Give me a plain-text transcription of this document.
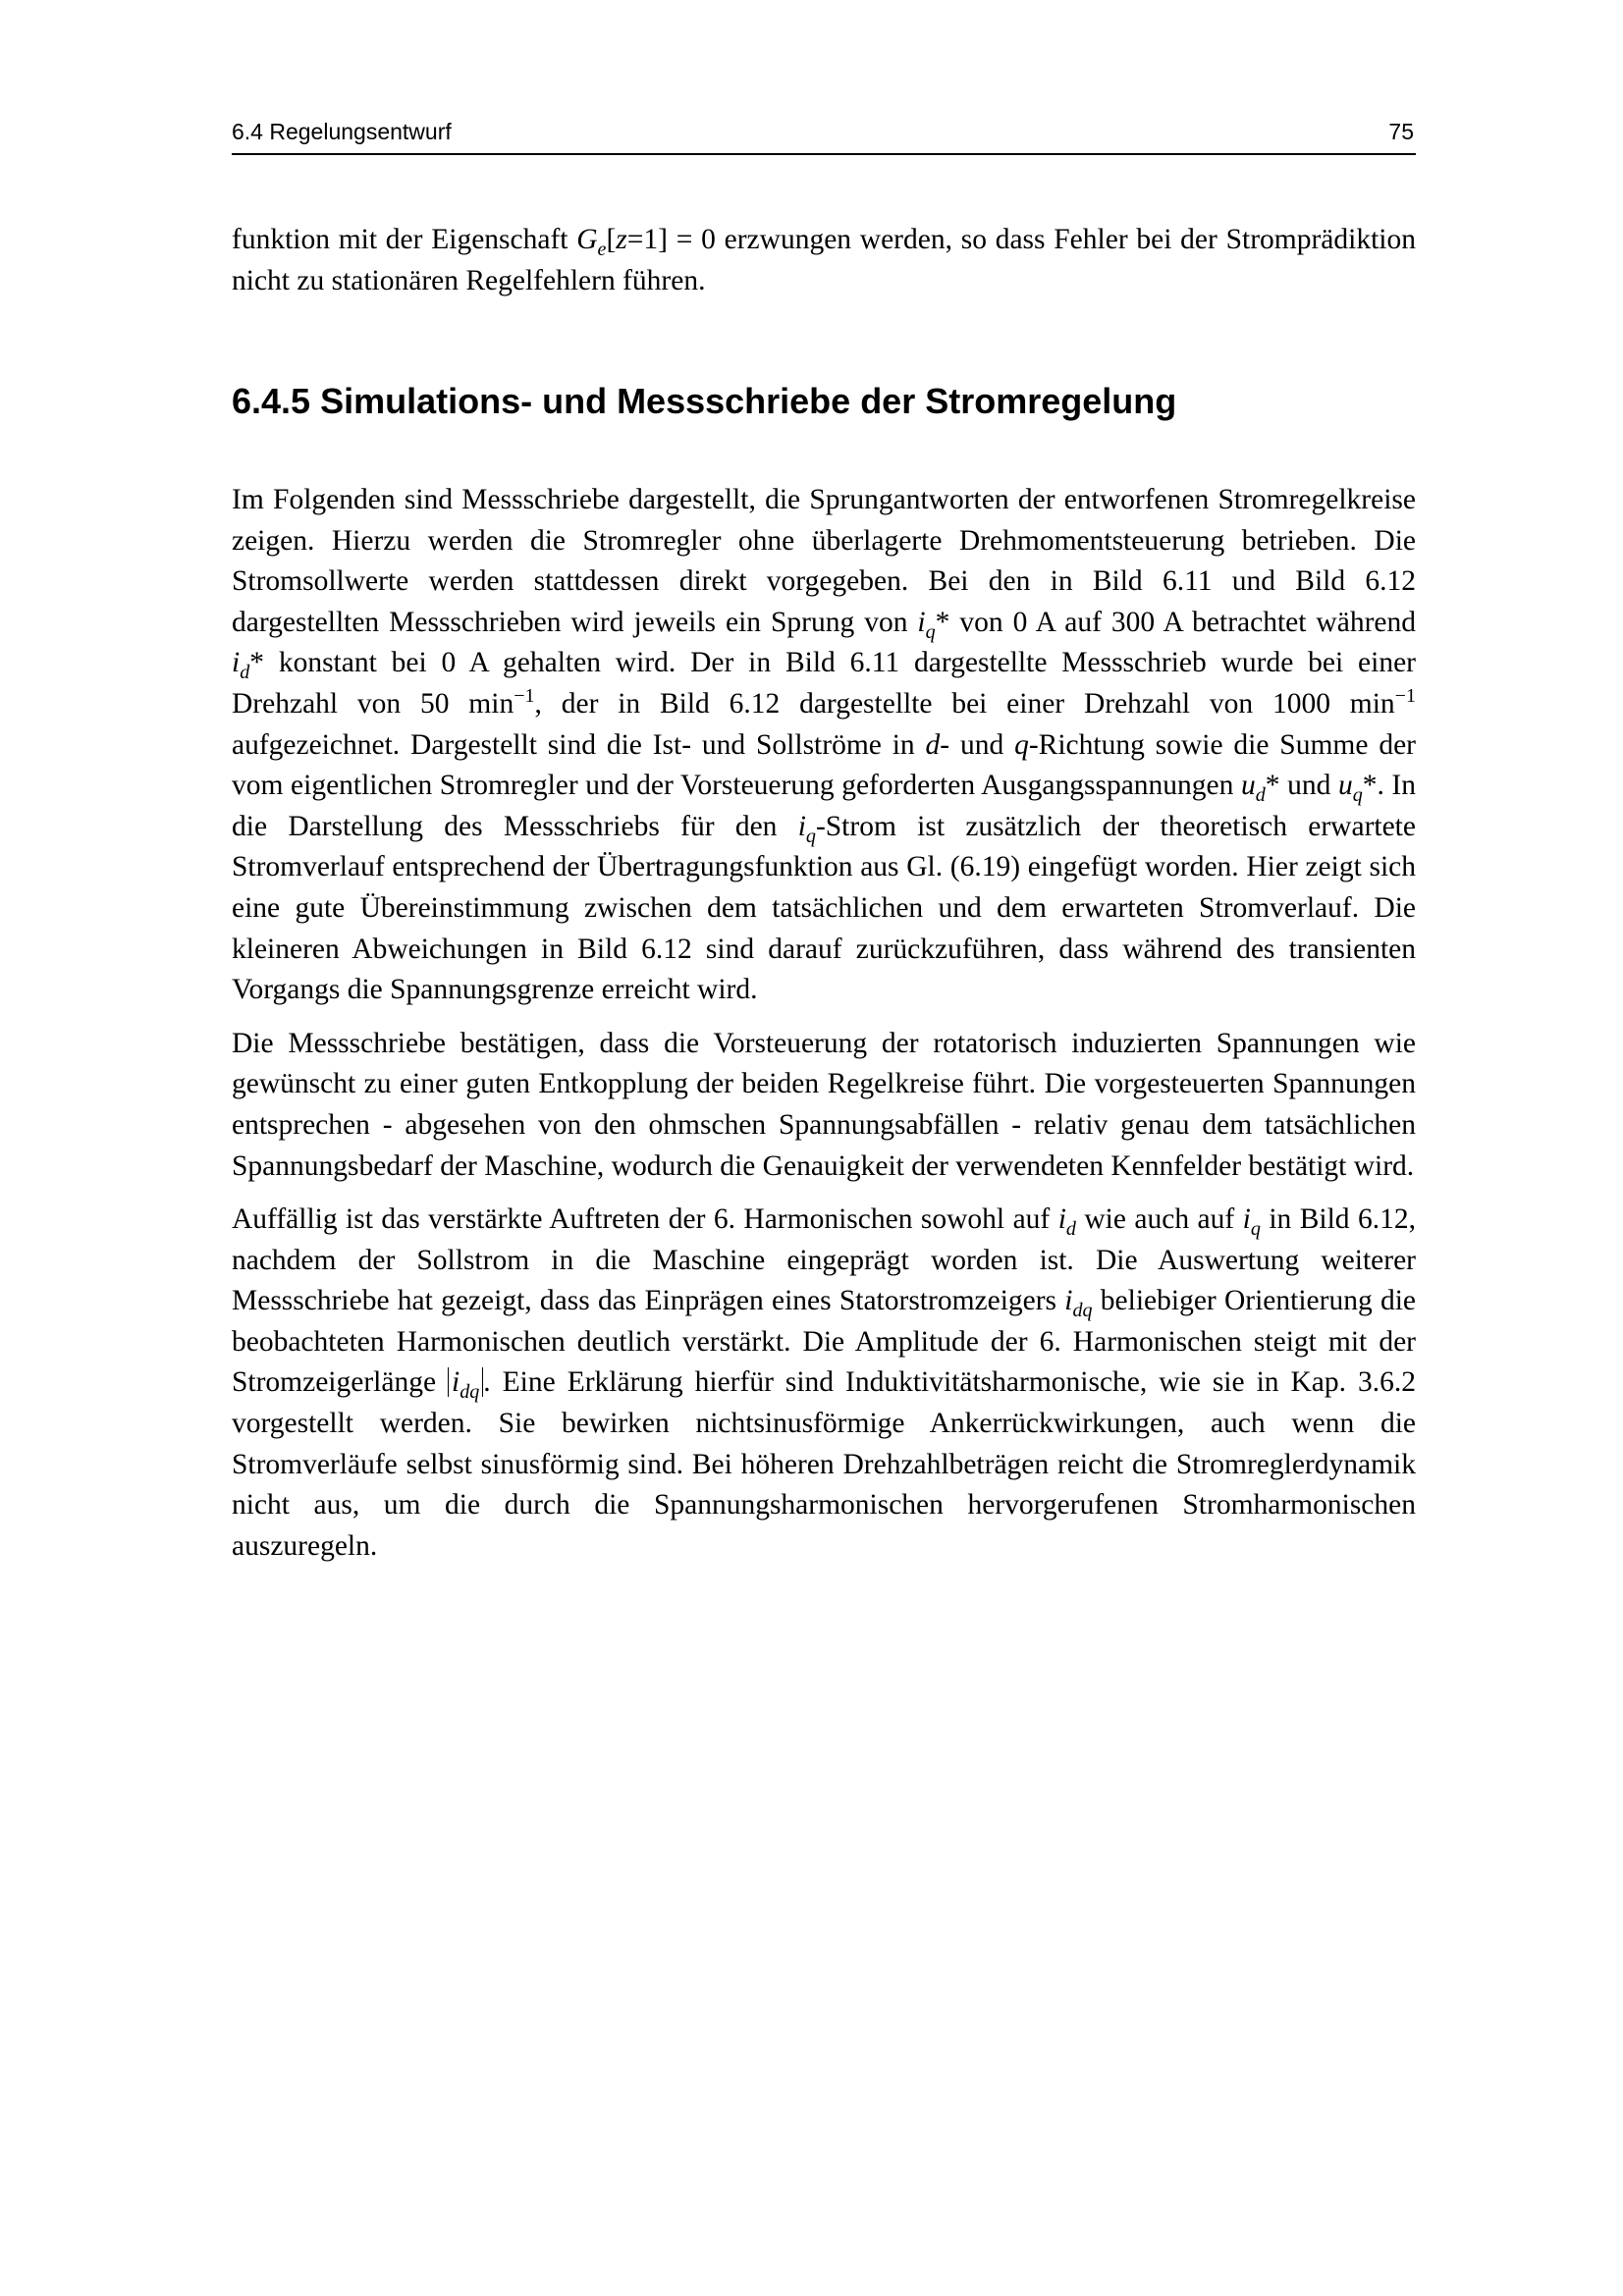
6.4 Regelungsentwurf	75

funktion mit der Eigenschaft $G_e[z=1] = 0$ erzwungen werden, so dass Fehler bei der Stromprädiktion nicht zu stationären Regelfehlern führen.

6.4.5 Simulations- und Messschriebe der Stromregelung

Im Folgenden sind Messschriebe dargestellt, die Sprungantworten der entworfenen Stromregelkreise zeigen. Hierzu werden die Stromregler ohne überlagerte Drehmomentsteuerung betrieben. Die Stromsollwerte werden stattdessen direkt vorgegeben. Bei den in Bild 6.11 und Bild 6.12 dargestellten Messschrieben wird jeweils ein Sprung von $i_q*$ von 0 A auf 300 A betrachtet während $i_d*$ konstant bei 0 A gehalten wird. Der in Bild 6.11 dargestellte Messschrieb wurde bei einer Drehzahl von 50 $\min^{-1}$, der in Bild 6.12 dargestellte bei einer Drehzahl von 1000 $\min^{-1}$ aufgezeichnet. Dargestellt sind die Ist- und Sollströme in d- und q-Richtung sowie die Summe der vom eigentlichen Stromregler und der Vorsteuerung geforderten Ausgangsspannungen $u_d*$ und $u_q*$. In die Darstellung des Messschriebs für den $i_q$-Strom ist zusätzlich der theoretisch erwartete Stromverlauf entsprechend der Übertragungsfunktion aus Gl. (6.19) eingefügt worden. Hier zeigt sich eine gute Übereinstimmung zwischen dem tatsächlichen und dem erwarteten Stromverlauf. Die kleineren Abweichungen in Bild 6.12 sind darauf zurückzuführen, dass während des transienten Vorgangs die Spannungsgrenze erreicht wird.

Die Messschriebe bestätigen, dass die Vorsteuerung der rotatorisch induzierten Spannungen wie gewünscht zu einer guten Entkopplung der beiden Regelkreise führt. Die vorgesteuerten Spannungen entsprechen - abgesehen von den ohmschen Spannungsabfällen - relativ genau dem tatsächlichen Spannungsbedarf der Maschine, wodurch die Genauigkeit der verwendeten Kennfelder bestätigt wird.

Auffällig ist das verstärkte Auftreten der 6. Harmonischen sowohl auf $i_d$ wie auch auf $i_q$ in Bild 6.12, nachdem der Sollstrom in die Maschine eingeprägt worden ist. Die Auswertung weiterer Messschriebe hat gezeigt, dass das Einprägen eines Statorstromzeigers $i_{dq}$ beliebiger Orientierung die beobachteten Harmonischen deutlich verstärkt. Die Amplitude der 6. Harmonischen steigt mit der Stromzeigerlänge $i_{dq}$ . Eine Erklärung hierfür sind Induktivitätsharmonische, wie sie in Kap. 3.6.2 vorgestellt werden. Sie bewirken nichtsinusförmige Ankerrückwirkungen, auch wenn die Stromverläufe selbst sinusförmig sind. Bei höheren Drehzahlbeträgen reicht die Stromreglerdynamik nicht aus, um die durch die Spannungsharmonischen hervorgerufenen Stromharmonischen auszuregeln.
